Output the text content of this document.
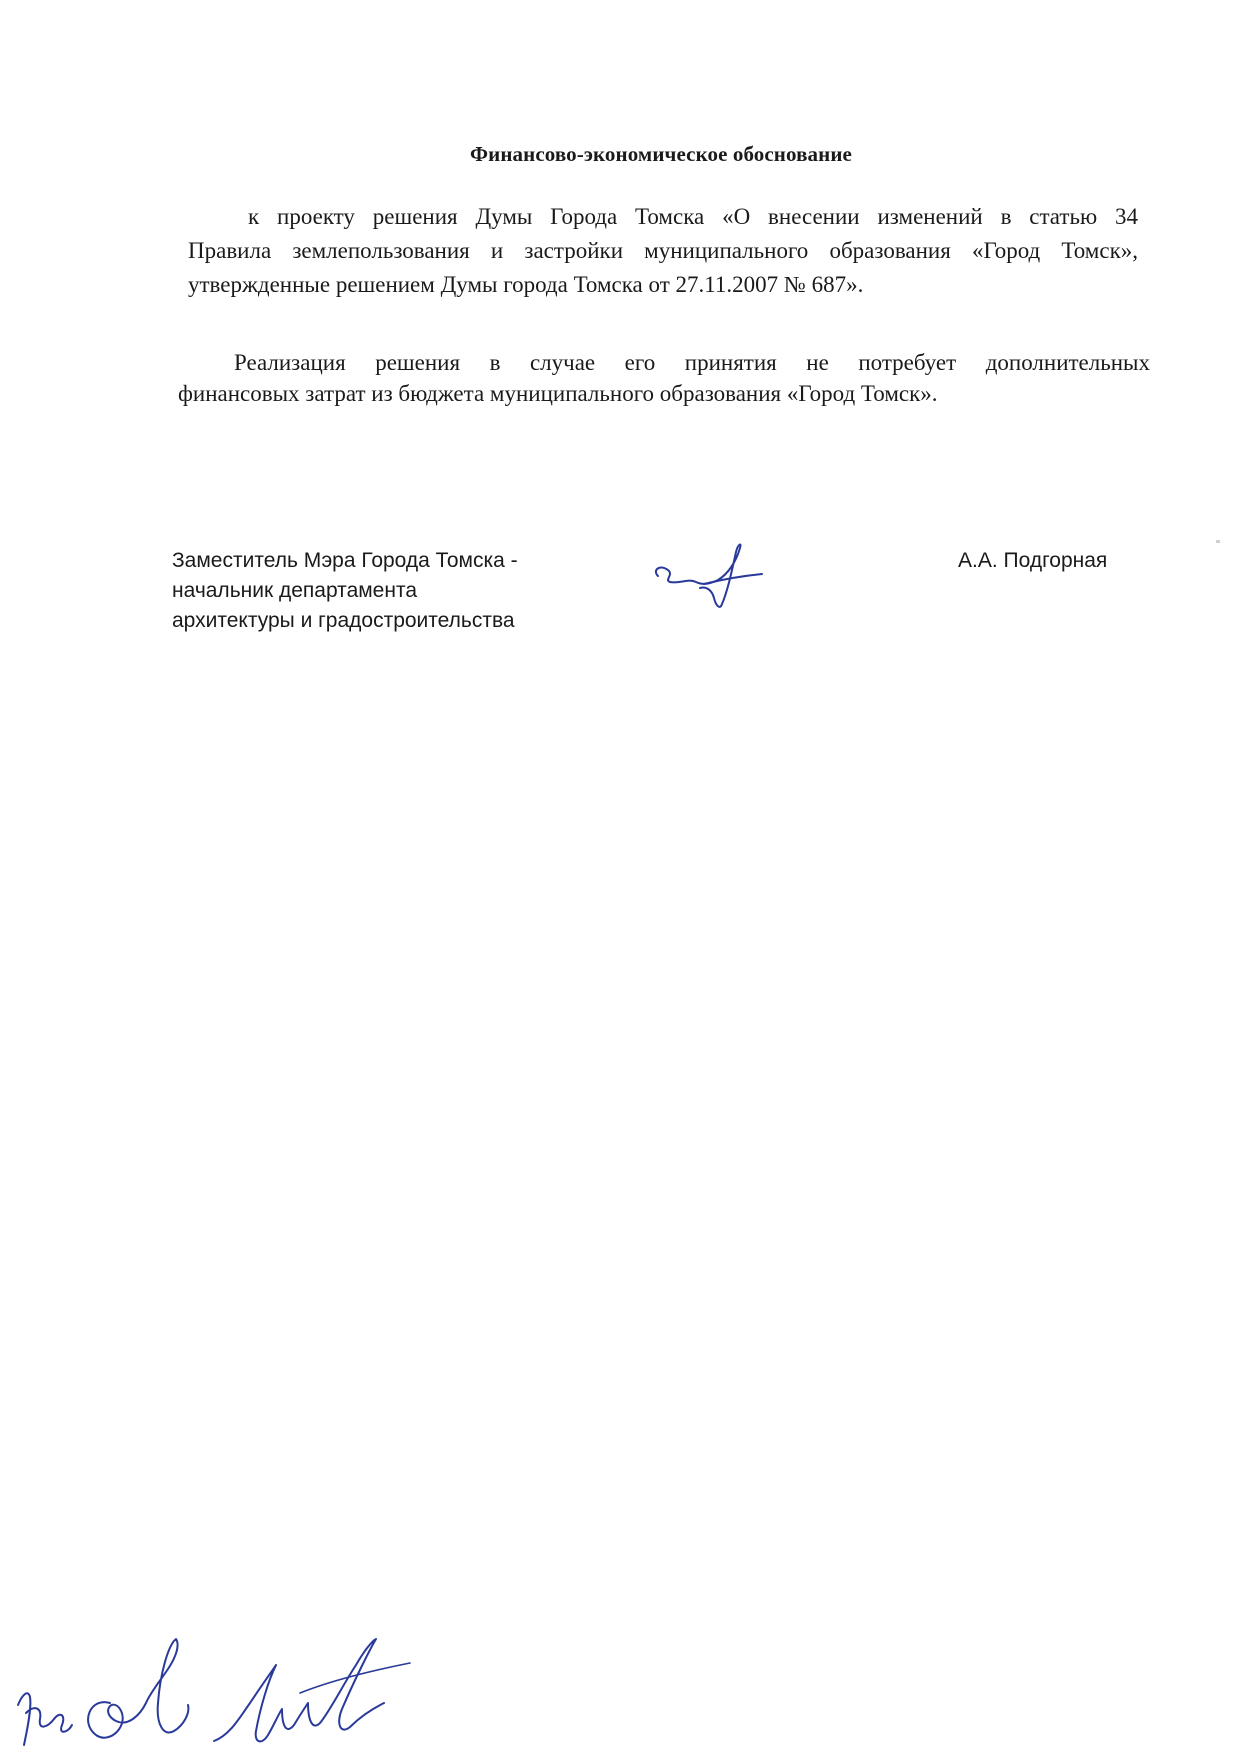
Финансово-экономическое обоснование
к проекту решения Думы Города Томска «О внесении изменений в статью 34
Правила землепользования и застройки муниципального образования «Город Томск»,
утвержденные решением Думы города Томска от 27.11.2007 № 687».
Реализация решения в случае его принятия не потребует дополнительных
финансовых затрат из бюджета муниципального образования «Город Томск».
Заместитель Мэра Города Томска -
начальник департамента
архитектуры и градостроительства
А.А. Подгорная
